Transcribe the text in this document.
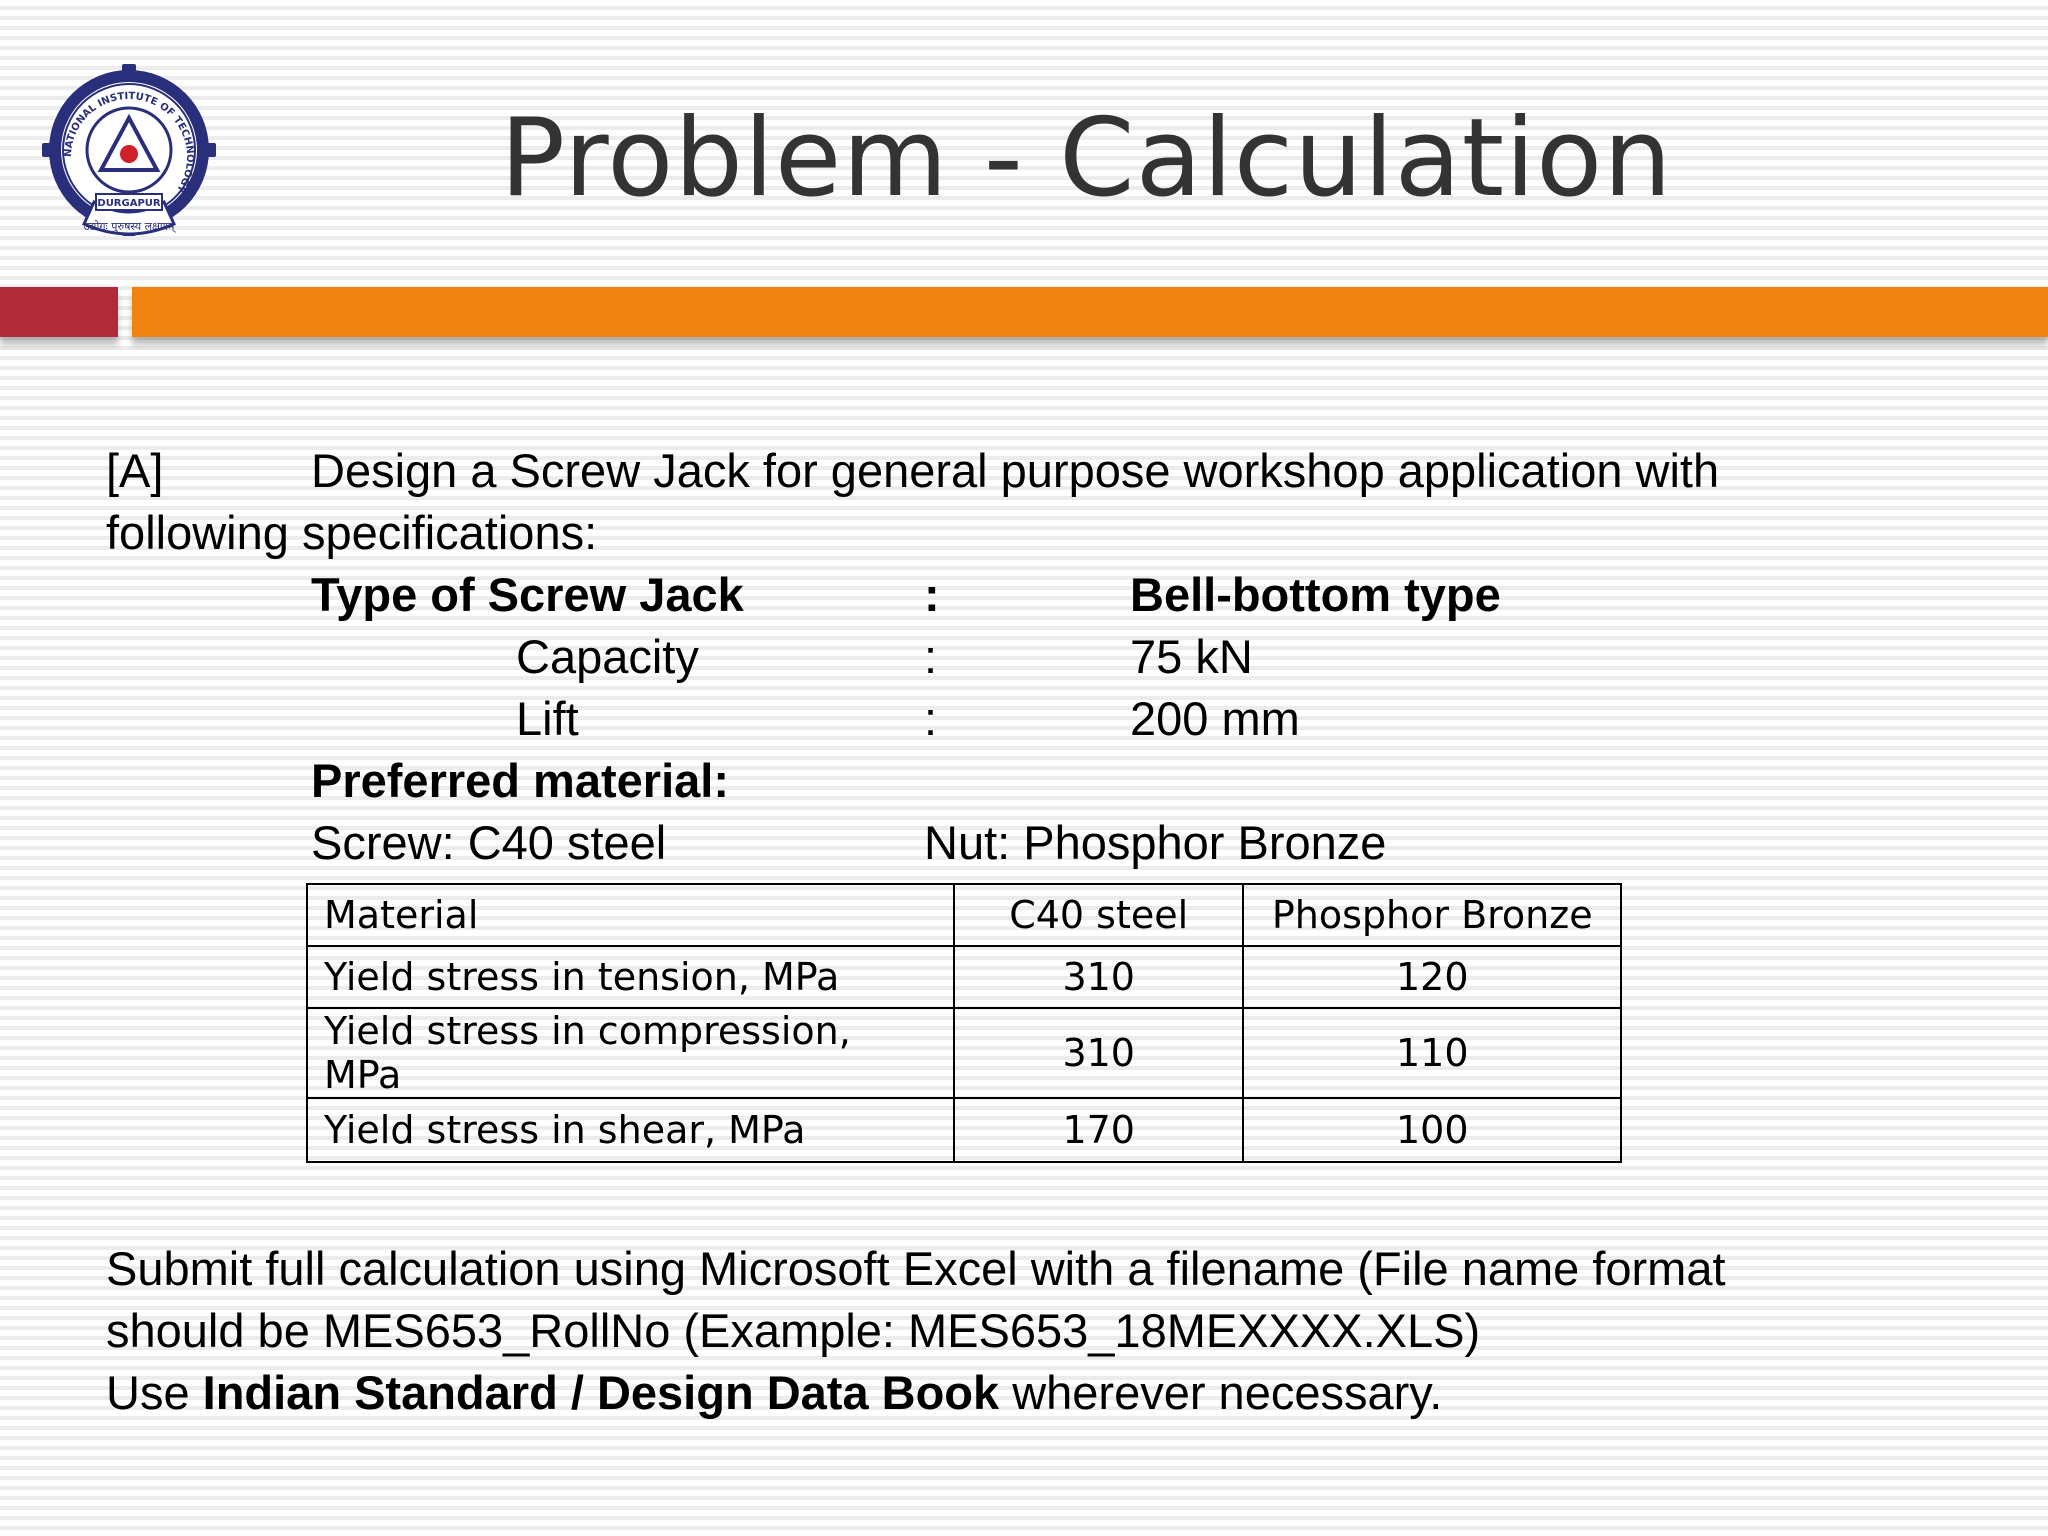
NATIONAL INSTITUTE OF TECHNOLOGY
DURGAPUR
उद्योगः पुरुषस्य लक्षणम्
Problem - Calculation
[A]	Design a Screw Jack for general purpose workshop application with
following specifications:
Type of Screw Jack	:	Bell-bottom type
Capacity	:	75 kN
Lift	:	200 mm
Preferred material:
Screw: C40 steel	Nut: Phosphor Bronze
Material	C40 steel	Phosphor Bronze
Yield stress in tension, MPa	310	120
Yield stress in compression, MPa	310	110
Yield stress in shear, MPa	170	100

Submit full calculation using Microsoft Excel with a filename (File name format

should be MES653_RollNo (Example: MES653_18MEXXXX.XLS)

Use Indian Standard / Design Data Book wherever necessary.
